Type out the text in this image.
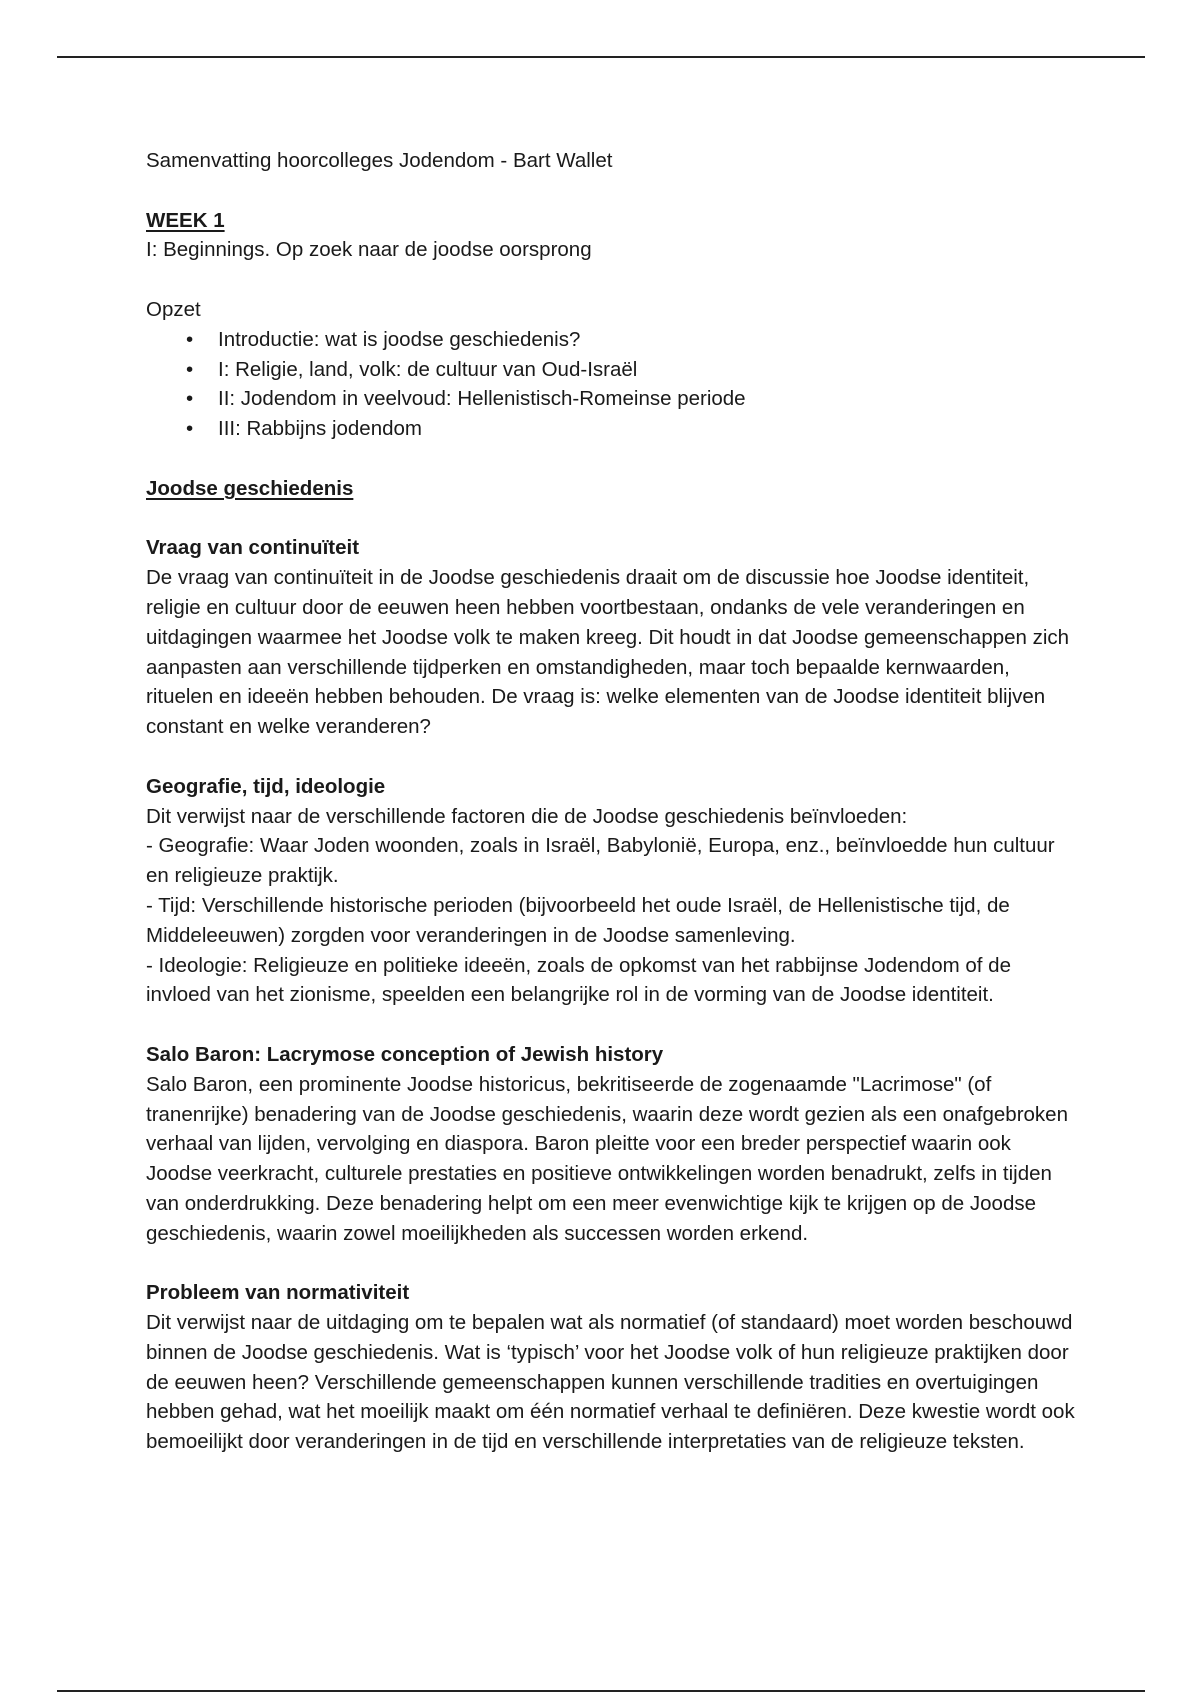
Samenvatting hoorcolleges Jodendom - Bart Wallet

WEEK 1

I: Beginnings. Op zoek naar de joodse oorsprong

Opzet

• Introductie: wat is joodse geschiedenis?
• I: Religie, land, volk: de cultuur van Oud-Israël
• II: Jodendom in veelvoud: Hellenistisch-Romeinse periode
• III: Rabbijns jodendom

Joodse geschiedenis

Vraag van continuïteit

De vraag van continuïteit in de Joodse geschiedenis draait om de discussie hoe Joodse identiteit, religie en cultuur door de eeuwen heen hebben voortbestaan, ondanks de vele veranderingen en uitdagingen waarmee het Joodse volk te maken kreeg. Dit houdt in dat Joodse gemeenschappen zich aanpasten aan verschillende tijdperken en omstandigheden, maar toch bepaalde kernwaarden, rituelen en ideeën hebben behouden. De vraag is: welke elementen van de Joodse identiteit blijven constant en welke veranderen?

Geografie, tijd, ideologie

Dit verwijst naar de verschillende factoren die de Joodse geschiedenis beïnvloeden:

- Geografie: Waar Joden woonden, zoals in Israël, Babylonië, Europa, enz., beïnvloedde hun cultuur en religieuze praktijk.

- Tijd: Verschillende historische perioden (bijvoorbeeld het oude Israël, de Hellenistische tijd, de Middeleeuwen) zorgden voor veranderingen in de Joodse samenleving.

- Ideologie: Religieuze en politieke ideeën, zoals de opkomst van het rabbijnse Jodendom of de invloed van het zionisme, speelden een belangrijke rol in de vorming van de Joodse identiteit.

Salo Baron: Lacrymose conception of Jewish history

Salo Baron, een prominente Joodse historicus, bekritiseerde de zogenaamde "Lacrimose" (of tranenrijke) benadering van de Joodse geschiedenis, waarin deze wordt gezien als een onafgebroken verhaal van lijden, vervolging en diaspora. Baron pleitte voor een breder perspectief waarin ook Joodse veerkracht, culturele prestaties en positieve ontwikkelingen worden benadrukt, zelfs in tijden van onderdrukking. Deze benadering helpt om een meer evenwichtige kijk te krijgen op de Joodse geschiedenis, waarin zowel moeilijkheden als successen worden erkend.

Probleem van normativiteit

Dit verwijst naar de uitdaging om te bepalen wat als normatief (of standaard) moet worden beschouwd binnen de Joodse geschiedenis. Wat is ‘typisch’ voor het Joodse volk of hun religieuze praktijken door de eeuwen heen? Verschillende gemeenschappen kunnen verschillende tradities en overtuigingen hebben gehad, wat het moeilijk maakt om één normatief verhaal te definiëren. Deze kwestie wordt ook bemoeilijkt door veranderingen in de tijd en verschillende interpretaties van de religieuze teksten.
